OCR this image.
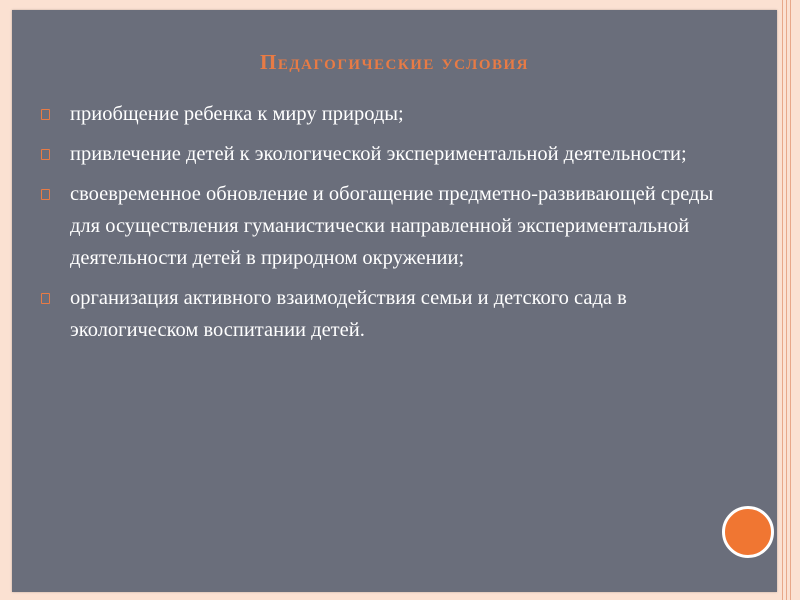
Педагогические условия
приобщение ребенка к миру природы;
привлечение детей к экологической экспериментальной деятельности;
своевременное обновление и обогащение предметно-развивающей среды для осуществления гуманистически направленной экспериментальной деятельности детей в природном окружении;
организация активного взаимодействия семьи и детского сада в экологическом воспитании детей.
